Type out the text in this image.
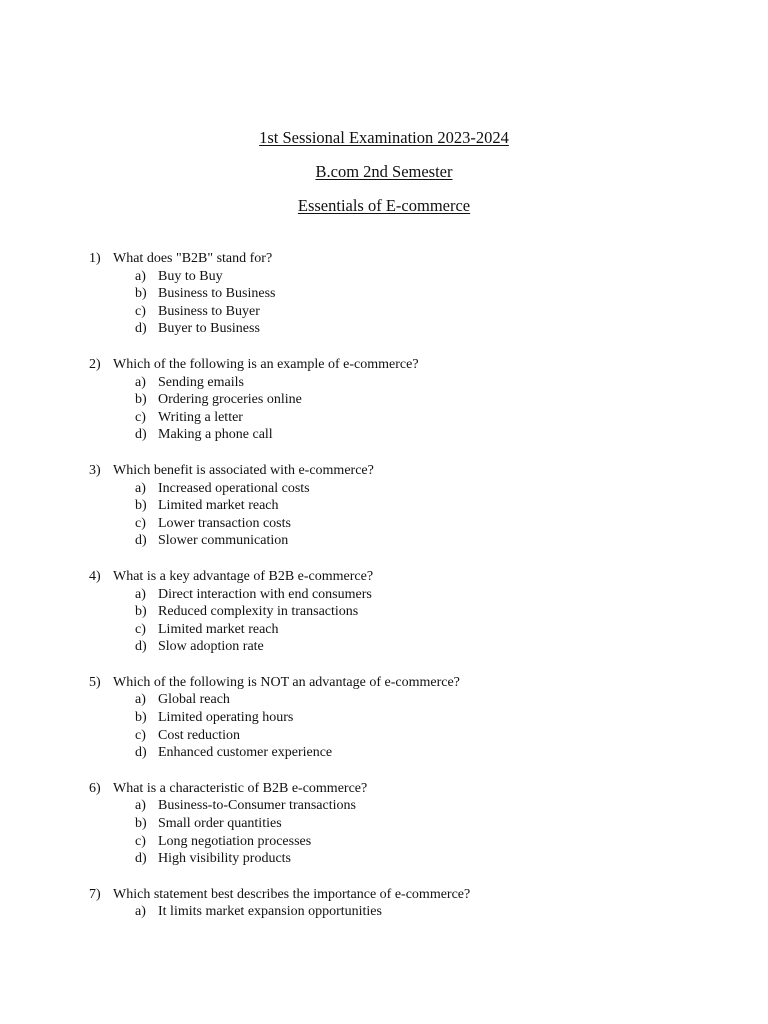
1st Sessional Examination 2023-2024
B.com 2nd Semester
Essentials of E-commerce
1) What does "B2B" stand for?
a) Buy to Buy
b) Business to Business
c) Business to Buyer
d) Buyer to Business
2) Which of the following is an example of e-commerce?
a) Sending emails
b) Ordering groceries online
c) Writing a letter
d) Making a phone call
3) Which benefit is associated with e-commerce?
a) Increased operational costs
b) Limited market reach
c) Lower transaction costs
d) Slower communication
4) What is a key advantage of B2B e-commerce?
a) Direct interaction with end consumers
b) Reduced complexity in transactions
c) Limited market reach
d) Slow adoption rate
5) Which of the following is NOT an advantage of e-commerce?
a) Global reach
b) Limited operating hours
c) Cost reduction
d) Enhanced customer experience
6) What is a characteristic of B2B e-commerce?
a) Business-to-Consumer transactions
b) Small order quantities
c) Long negotiation processes
d) High visibility products
7) Which statement best describes the importance of e-commerce?
a) It limits market expansion opportunities
